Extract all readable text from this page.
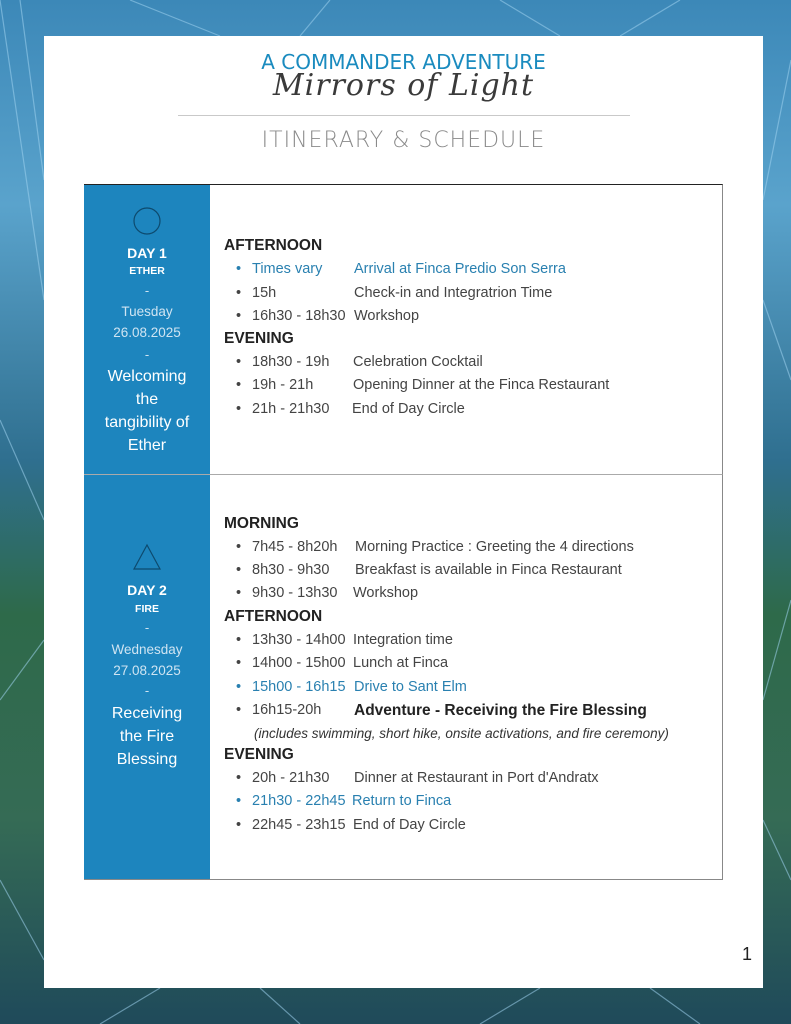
A COMMANDER ADVENTURE
Mirrors of Light
ITINERARY & SCHEDULE
DAY 1
ETHER
-
Tuesday
26.08.2025
-
Welcoming
the
tangibility of
Ether
AFTERNOON
• Times vary Arrival at Finca Predio Son Serra
• 15h	Check-in and Integratrion Time
• 16h30 - 18h30 Workshop
EVENING
• 18h30 - 19h Celebration Cocktail
• 19h - 21h	Opening Dinner at the Finca Restaurant
• 21h - 21h30 End of Day Circle
DAY 2
FIRE
-
Wednesday
27.08.2025
-
Receiving
the Fire
Blessing
MORNING
• 7h45 - 8h20h Morning Practice : Greeting the 4 directions
• 8h30 - 9h30 Breakfast is available in Finca Restaurant
• 9h30 - 13h30 Workshop
AFTERNOON
• 13h30 - 14h00 Integration time
• 14h00 - 15h00 Lunch at Finca
• 15h00 - 16h15 Drive to Sant Elm
• 16h15-20h Adventure - Receiving the Fire Blessing
(includes swimming, short hike, onsite activations, and fire ceremony)
EVENING
• 20h - 21h30 Dinner at Restaurant in Port d'Andratx
• 21h30 - 22h45 Return to Finca
• 22h45 - 23h15 End of Day Circle
1
